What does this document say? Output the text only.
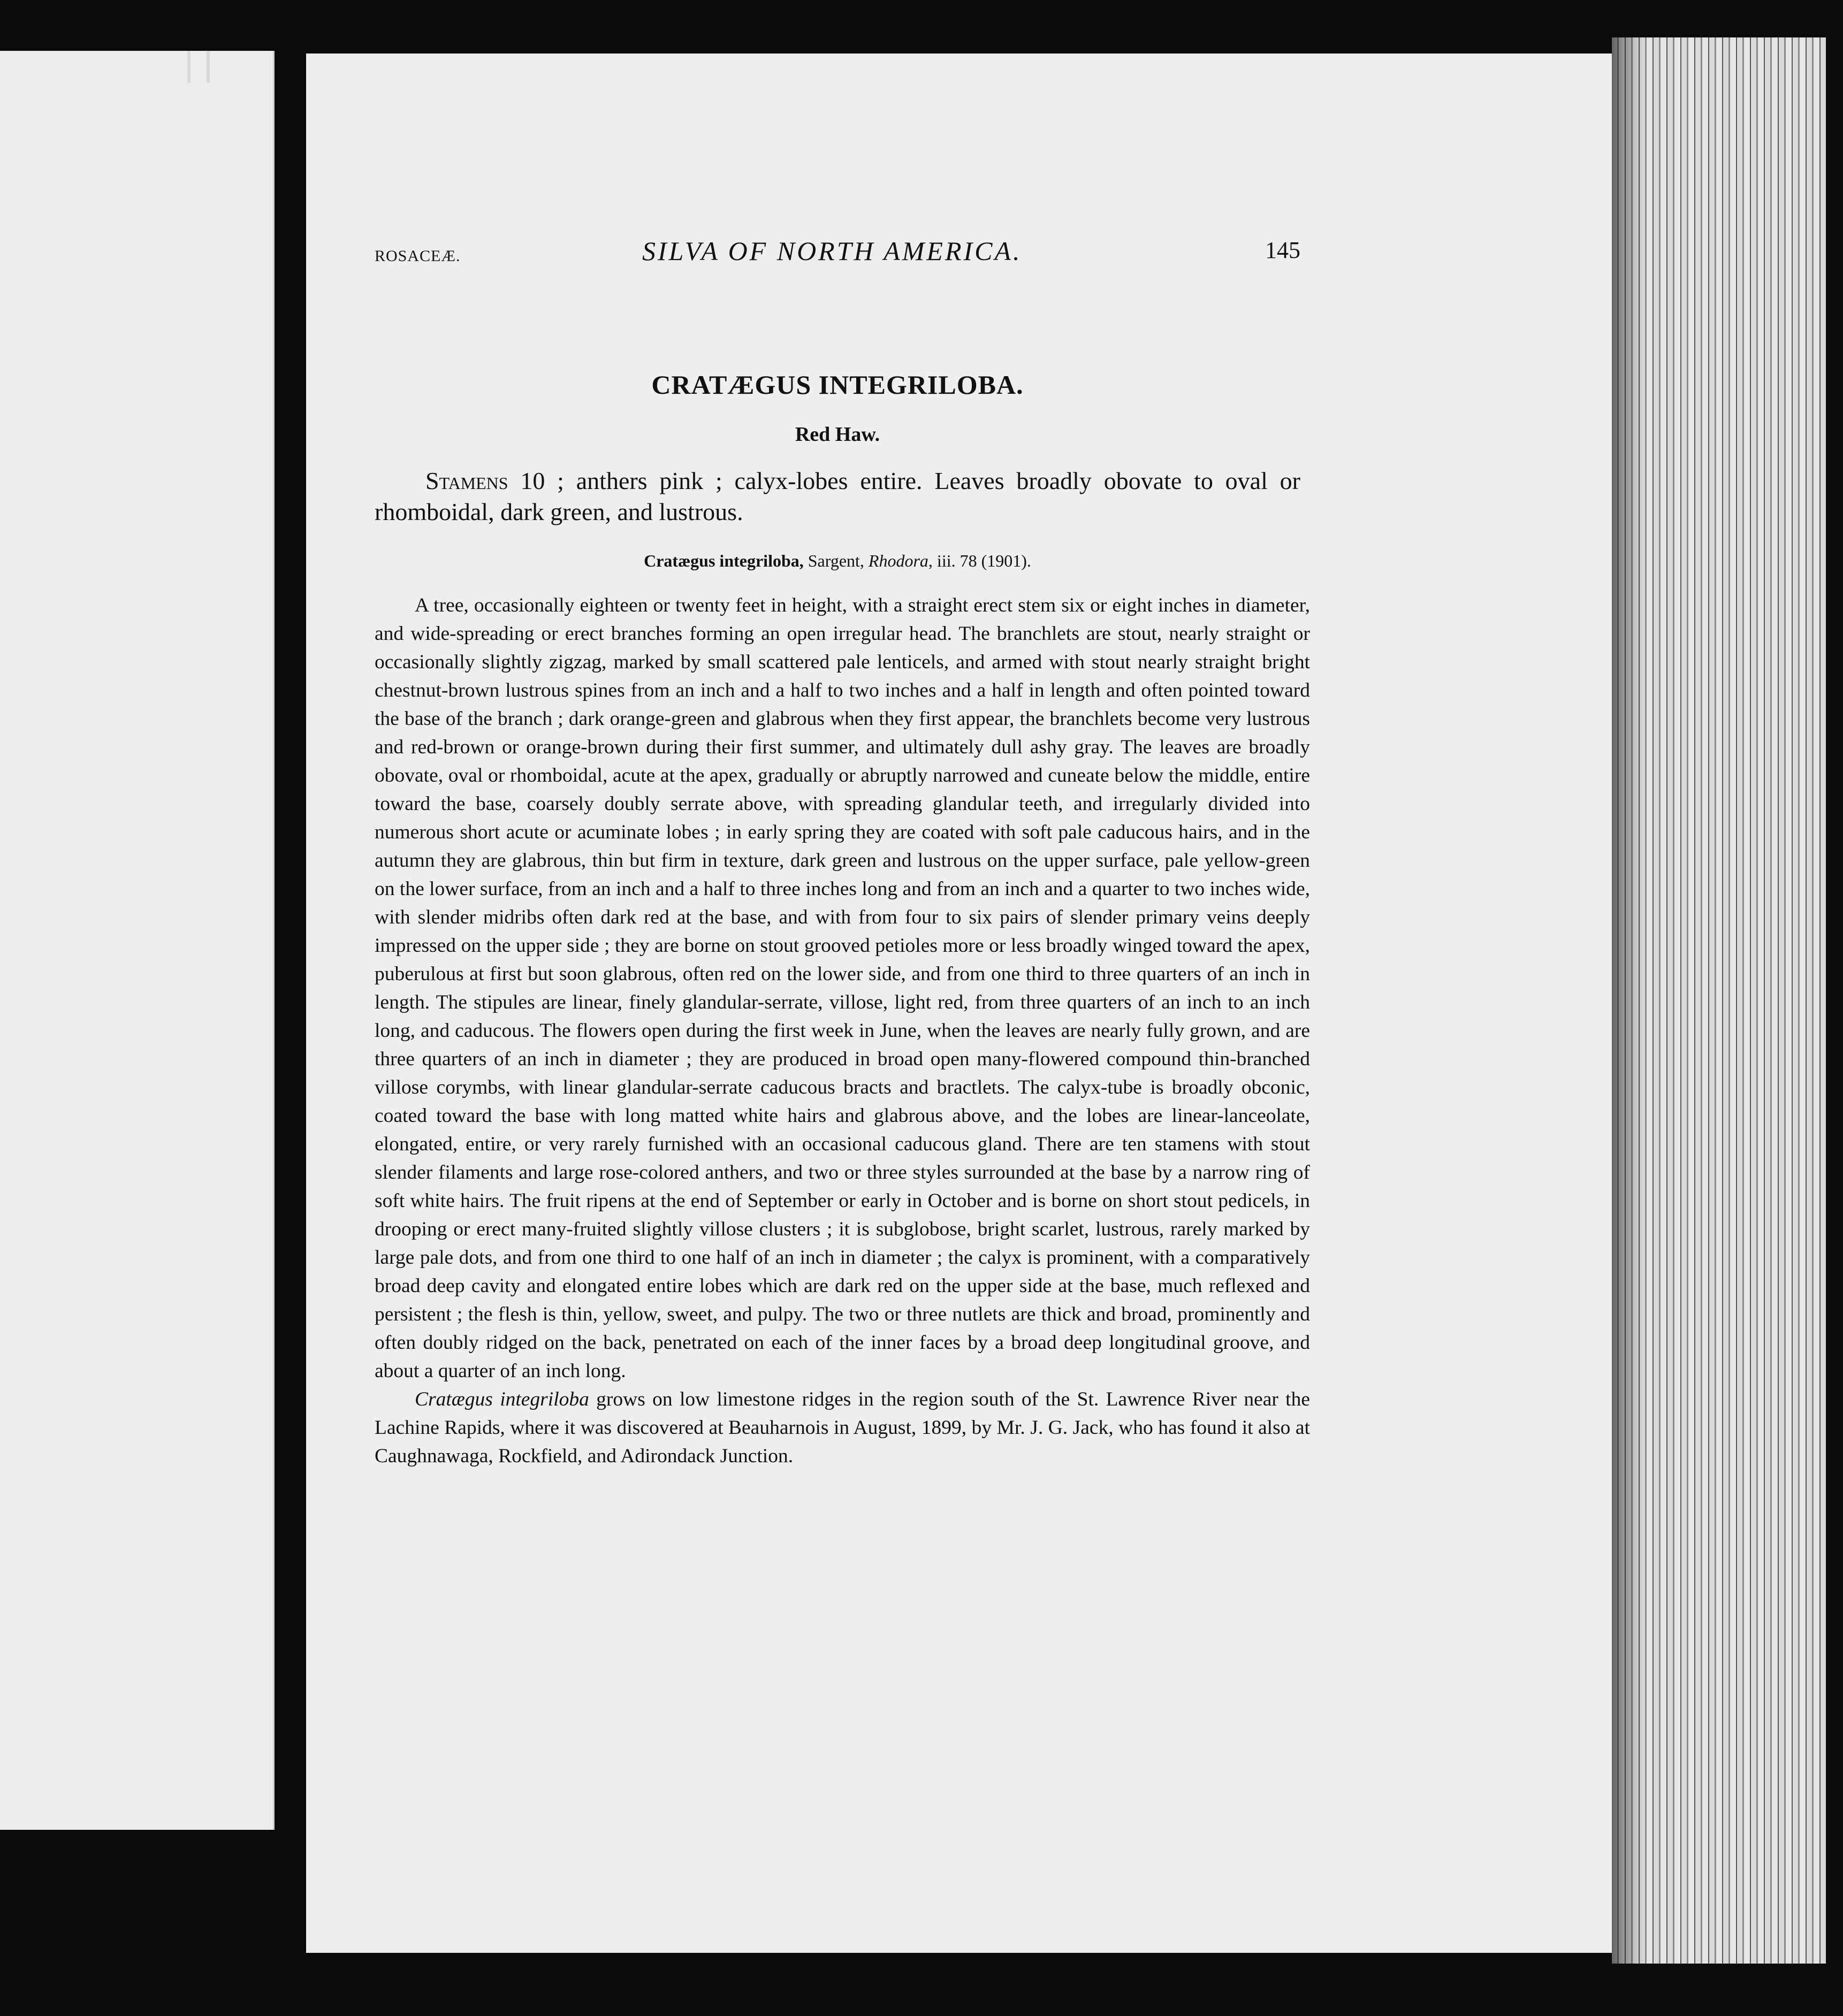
ROSACEÆ.	SILVA OF NORTH AMERICA.	145
CRATÆGUS INTEGRILOBA.
Red Haw.
Stamens 10 ; anthers pink ; calyx-lobes entire. Leaves broadly obovate to oval or rhomboidal, dark green, and lustrous.
Cratægus integriloba, Sargent, Rhodora, iii. 78 (1901).

A tree, occasionally eighteen or twenty feet in height, with a straight erect stem six or eight inches in diameter, and wide-spreading or erect branches forming an open irregular head. The branchlets are stout, nearly straight or occasionally slightly zigzag, marked by small scattered pale lenticels, and armed with stout nearly straight bright chestnut-brown lustrous spines from an inch and a half to two inches and a half in length and often pointed toward the base of the branch ; dark orange-green and glabrous when they first appear, the branchlets become very lustrous and red-brown or orange-brown during their first summer, and ultimately dull ashy gray. The leaves are broadly obovate, oval or rhomboidal, acute at the apex, gradually or abruptly narrowed and cuneate below the middle, entire toward the base, coarsely doubly serrate above, with spreading glandular teeth, and irregularly divided into numerous short acute or acuminate lobes ; in early spring they are coated with soft pale caducous hairs, and in the autumn they are glabrous, thin but firm in texture, dark green and lustrous on the upper surface, pale yellow-green on the lower surface, from an inch and a half to three inches long and from an inch and a quarter to two inches wide, with slender midribs often dark red at the base, and with from four to six pairs of slender primary veins deeply impressed on the upper side ; they are borne on stout grooved petioles more or less broadly winged toward the apex, puberulous at first but soon glabrous, often red on the lower side, and from one third to three quarters of an inch in length. The stipules are linear, finely glandular-serrate, villose, light red, from three quarters of an inch to an inch long, and caducous. The flowers open during the first week in June, when the leaves are nearly fully grown, and are three quarters of an inch in diameter ; they are produced in broad open many-flowered compound thin-branched villose corymbs, with linear glandular-serrate caducous bracts and bractlets. The calyx-tube is broadly obconic, coated toward the base with long matted white hairs and glabrous above, and the lobes are linear-lanceolate, elongated, entire, or very rarely furnished with an occasional caducous gland. There are ten stamens with stout slender filaments and large rose-colored anthers, and two or three styles surrounded at the base by a narrow ring of soft white hairs. The fruit ripens at the end of September or early in October and is borne on short stout pedicels, in drooping or erect many-fruited slightly villose clusters ; it is subglobose, bright scarlet, lustrous, rarely marked by large pale dots, and from one third to one half of an inch in diameter ; the calyx is prominent, with a comparatively broad deep cavity and elongated entire lobes which are dark red on the upper side at the base, much reflexed and persistent ; the flesh is thin, yellow, sweet, and pulpy. The two or three nutlets are thick and broad, prominently and often doubly ridged on the back, penetrated on each of the inner faces by a broad deep longitudinal groove, and about a quarter of an inch long.

Cratægus integriloba grows on low limestone ridges in the region south of the St. Lawrence River near the Lachine Rapids, where it was discovered at Beauharnois in August, 1899, by Mr. J. G. Jack, who has found it also at Caughnawaga, Rockfield, and Adirondack Junction.
